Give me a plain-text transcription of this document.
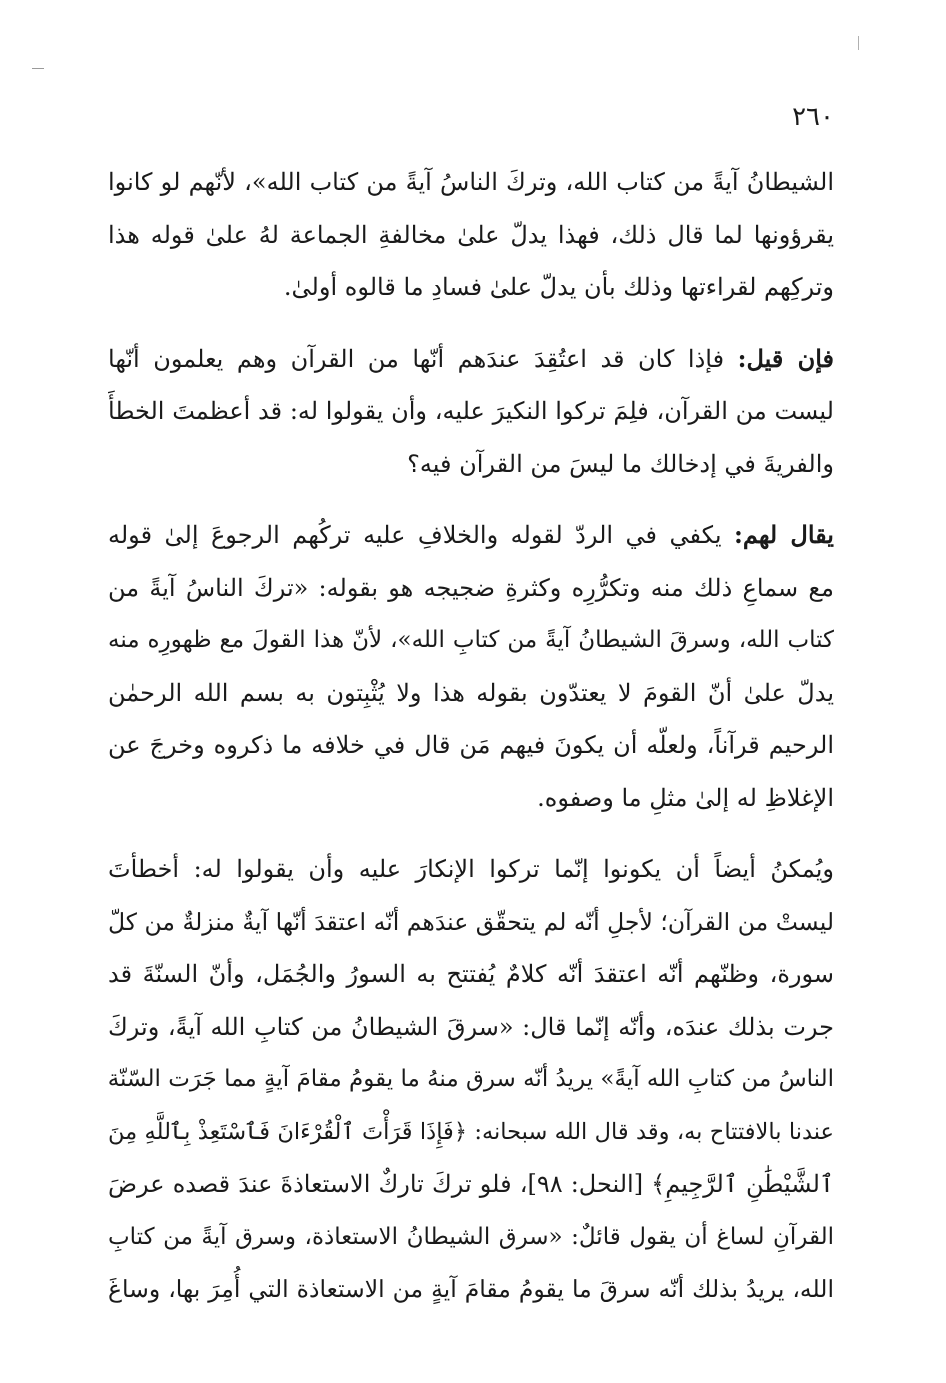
٢٦٠
الشيطانُ آيةً من كتاب الله، وتركَ الناسُ آيةً من كتاب الله»، لأنّهم لو كانوا
يقرؤونها لما قال ذلك، فهذا يدلّ علىٰ مخالفةِ الجماعة لهُ علىٰ قوله هذا
وتركِهم لقراءتها وذلك بأن يدلّ علىٰ فسادِ ما قالوه أولىٰ.
فإن قيل: فإذا كان قد اعتُقِدَ عندَهم أنّها من القرآن وهم يعلمون أنّها
ليست من القرآن، فلِمَ تركوا النكيرَ عليه، وأن يقولوا له: قد أعظمتَ الخطأَ
والفريةَ في إدخالك ما ليسَ من القرآن فيه؟
يقال لهم: يكفي في الردّ لقوله والخلافِ عليه تركُهم الرجوعَ إلىٰ قوله
مع سماعِ ذلك منه وتكرُّرِه وكثرةِ ضجيجه هو بقوله: «تركَ الناسُ آيةً من
كتاب الله، وسرقَ الشيطانُ آيةً من كتابِ الله»، لأنّ هذا القولَ مع ظهورِه منه
يدلّ علىٰ أنّ القومَ لا يعتدّون بقوله هذا ولا يُثْبِتون به بسم الله الرحمٰن
الرحيم قرآناً، ولعلّه أن يكونَ فيهم مَن قال في خلافه ما ذكروه وخرجَ عن
الإغلاظِ له إلىٰ مثلِ ما وصفوه.
ويُمكنُ أيضاً أن يكونوا إنّما تركوا الإنكارَ عليه وأن يقولوا له: أخطأتَ
ليستْ من القرآن؛ لأجلِ أنّه لم يتحقّق عندَهم أنّه اعتقدَ أنّها آيةٌ منزلةٌ من كلّ
سورة، وظنّهم أنّه اعتقدَ أنّه كلامٌ يُفتتح به السورُ والجُمَل، وأنّ السنّةَ قد
جرت بذلك عندَه، وأنّه إنّما قال: «سرقَ الشيطانُ من كتابِ الله آيةً، وتركَ
الناسُ من كتابِ الله آيةً» يريدُ أنّه سرق منهُ ما يقومُ مقامَ آيةٍ مما جَرَت السّنّة
عندنا بالافتتاح به، وقد قال الله سبحانه: ﴿فَإِذَا قَرَأْتَ ٱلْقُرْءَانَ فَٱسْتَعِذْ بِٱللَّهِ مِنَ
ٱلشَّيْطَٰنِ ٱلرَّجِيمِ﴾ [النحل: ٩٨]، فلو تركَ تاركٌ الاستعاذةَ عندَ قصده عرضَ
القرآنِ لساغ أن يقول قائلٌ: «سرق الشيطانُ الاستعاذة، وسرق آيةً من كتابِ
الله، يريدُ بذلك أنّه سرقَ ما يقومُ مقامَ آيةٍ من الاستعاذة التي أُمِرَ بها، وساغَ
